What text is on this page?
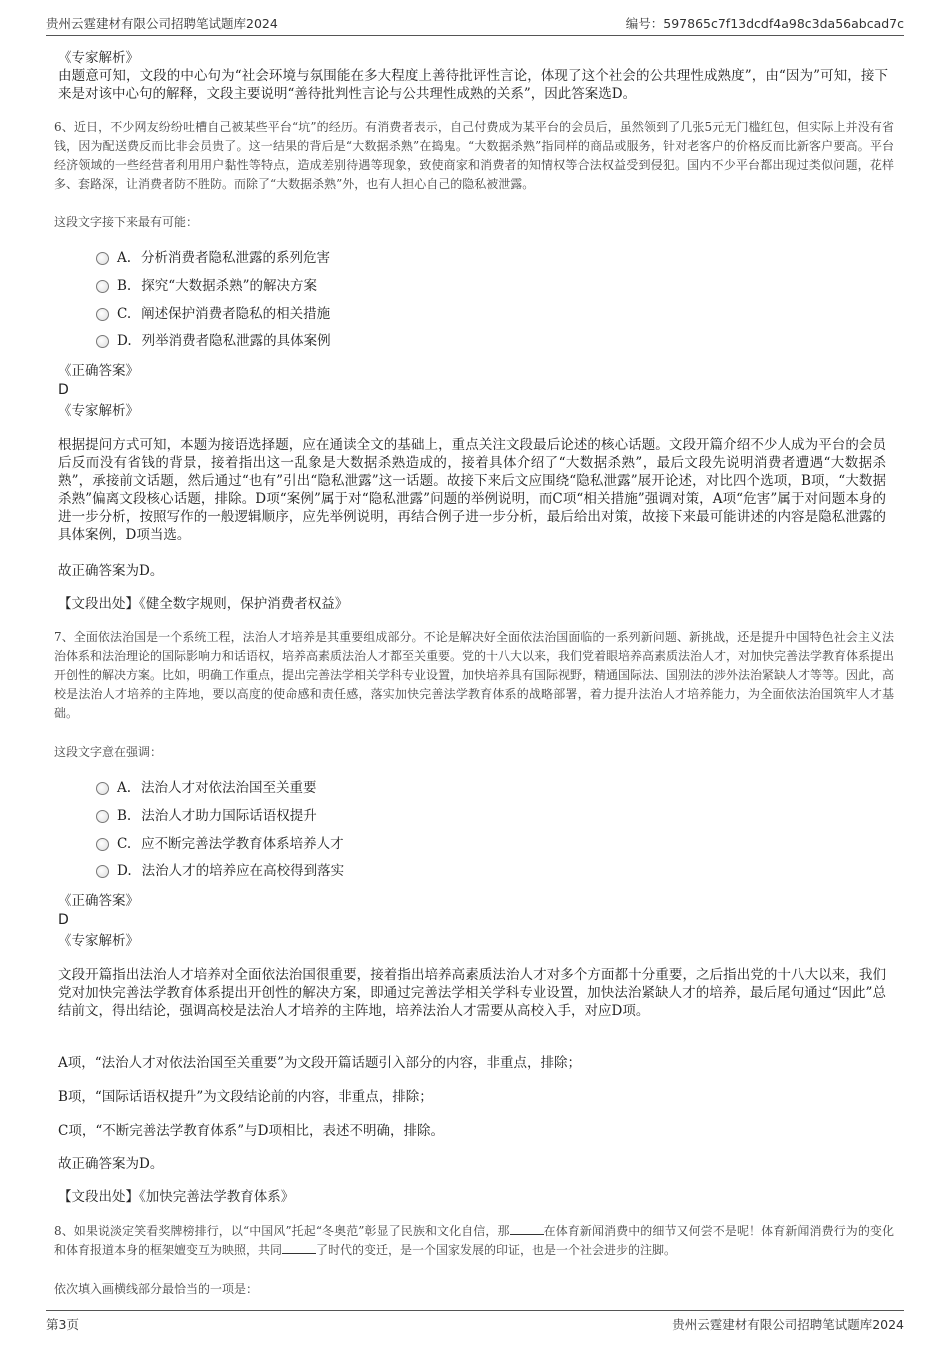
贵州云霆建材有限公司招聘笔试题库2024	编号：597865c7f13dcdf4a98c3da56abcad7c
《专家解析》
由题意可知，文段的中心句为“社会环境与氛围能在多大程度上善待批评性言论，体现了这个社会的公共理性成熟度”，由“因为”可知，接下来是对该中心句的解释，文段主要说明“善待批判性言论与公共理性成熟的关系”，因此答案选D。
6、近日，不少网友纷纷吐槽自己被某些平台“坑”的经历。有消费者表示，自己付费成为某平台的会员后，虽然领到了几张5元无门槛红包，但实际上并没有省钱，因为配送费反而比非会员贵了。这一结果的背后是“大数据杀熟”在捣鬼。“大数据杀熟”指同样的商品或服务，针对老客户的价格反而比新客户要高。平台经济领域的一些经营者利用用户黏性等特点，造成差别待遇等现象，致使商家和消费者的知情权等合法权益受到侵犯。国内不少平台都出现过类似问题，花样多、套路深，让消费者防不胜防。而除了“大数据杀熟”外，也有人担心自己的隐私被泄露。
这段文字接下来最有可能：
A. 分析消费者隐私泄露的系列危害
B. 探究“大数据杀熟”的解决方案
C. 阐述保护消费者隐私的相关措施
D. 列举消费者隐私泄露的具体案例
《正确答案》
D
《专家解析》
根据提问方式可知，本题为接语选择题，应在通读全文的基础上，重点关注文段最后论述的核心话题。文段开篇介绍不少人成为平台的会员后反而没有省钱的背景，接着指出这一乱象是大数据杀熟造成的，接着具体介绍了“大数据杀熟”，最后文段先说明消费者遭遇“大数据杀熟”，承接前文话题，然后通过“也有”引出“隐私泄露”这一话题。故接下来后文应围绕“隐私泄露”展开论述，对比四个选项，B项，“大数据杀熟”偏离文段核心话题，排除。D项“案例”属于对“隐私泄露”问题的举例说明，而C项“相关措施”强调对策，A项“危害”属于对问题本身的进一步分析，按照写作的一般逻辑顺序，应先举例说明，再结合例子进一步分析，最后给出对策，故接下来最可能讲述的内容是隐私泄露的具体案例，D项当选。
故正确答案为D。
【文段出处】《健全数字规则，保护消费者权益》
7、全面依法治国是一个系统工程，法治人才培养是其重要组成部分。不论是解决好全面依法治国面临的一系列新问题、新挑战，还是提升中国特色社会主义法治体系和法治理论的国际影响力和话语权，培养高素质法治人才都至关重要。党的十八大以来，我们党着眼培养高素质法治人才，对加快完善法学教育体系提出开创性的解决方案。比如，明确工作重点，提出完善法学相关学科专业设置，加快培养具有国际视野，精通国际法、国别法的涉外法治紧缺人才等等。因此，高校是法治人才培养的主阵地，要以高度的使命感和责任感，落实加快完善法学教育体系的战略部署，着力提升法治人才培养能力，为全面依法治国筑牢人才基础。
这段文字意在强调：
A. 法治人才对依法治国至关重要
B. 法治人才助力国际话语权提升
C. 应不断完善法学教育体系培养人才
D. 法治人才的培养应在高校得到落实
《正确答案》
D
《专家解析》
文段开篇指出法治人才培养对全面依法治国很重要，接着指出培养高素质法治人才对多个方面都十分重要，之后指出党的十八大以来，我们党对加快完善法学教育体系提出开创性的解决方案，即通过完善法学相关学科专业设置，加快法治紧缺人才的培养，最后尾句通过“因此”总结前文，得出结论，强调高校是法治人才培养的主阵地，培养法治人才需要从高校入手，对应D项。
A项，“法治人才对依法治国至关重要”为文段开篇话题引入部分的内容，非重点，排除；
B项，“国际话语权提升”为文段结论前的内容，非重点，排除；
C项，“不断完善法学教育体系”与D项相比，表述不明确，排除。
故正确答案为D。
【文段出处】《加快完善法学教育体系》
8、如果说淡定笑看奖牌榜排行，以“中国风”托起“冬奥范”彰显了民族和文化自信，那	在体育新闻消费中的细节又何尝不是呢！体育新闻消费行为的变化和体育报道本身的框架嬗变互为映照，共同	了时代的变迁，是一个国家发展的印证，也是一个社会进步的注脚。
依次填入画横线部分最恰当的一项是：
第3页	贵州云霆建材有限公司招聘笔试题库2024
